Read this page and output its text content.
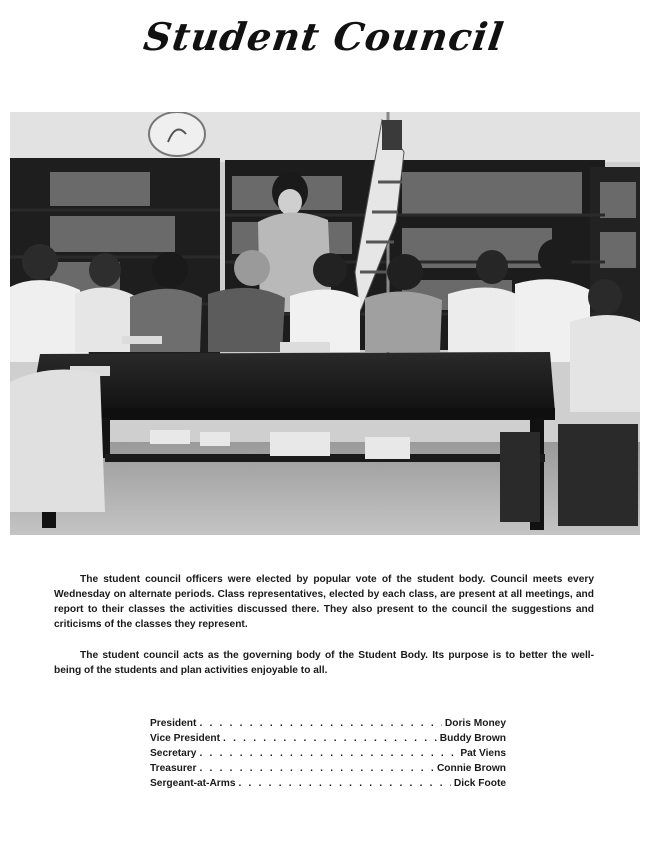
Student Council

The student council officers were elected by popular vote of the student body. Council meets every Wednesday on alternate periods. Class representatives, elected by each class, are present at all meetings, and report to their classes the activities discussed there. They also present to the council the suggestions and criticisms of the classes they represent.

The student council acts as the governing body of the Student Body. Its purpose is to better the well-being of the students and plan activities enjoyable to all.

President . . .	Doris Money
Vice President . . .	Buddy Brown
Secretary . . .	Pat Viens
Treasurer . . .	Connie Brown
Sergeant-at-Arms . . .	Dick Foote
